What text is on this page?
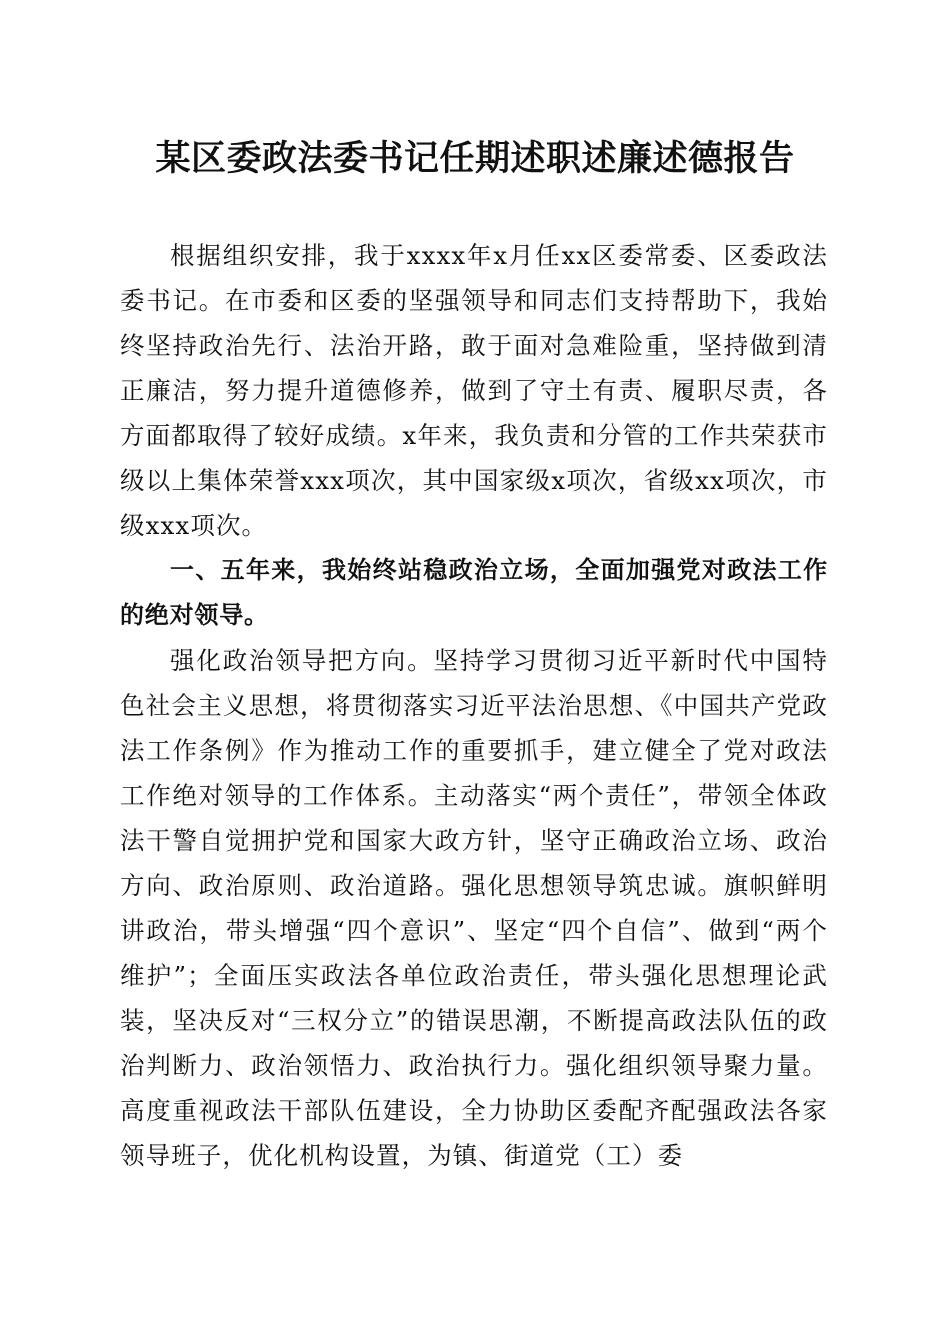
某区委政法委书记任期述职述廉述德报告

根据组织安排，我于xxxx年x月任xx区委常委、区委政法委书记。在市委和区委的坚强领导和同志们支持帮助下，我始终坚持政治先行、法治开路，敢于面对急难险重，坚持做到清正廉洁，努力提升道德修养，做到了守土有责、履职尽责，各方面都取得了较好成绩。x年来，我负责和分管的工作共荣获市级以上集体荣誉xxx项次，其中国家级x项次，省级xx项次，市级xxx项次。

一、五年来，我始终站稳政治立场，全面加强党对政法工作的绝对领导。

强化政治领导把方向。坚持学习贯彻习近平新时代中国特色社会主义思想，将贯彻落实习近平法治思想、《中国共产党政法工作条例》作为推动工作的重要抓手，建立健全了党对政法工作绝对领导的工作体系。主动落实“两个责任”，带领全体政法干警自觉拥护党和国家大政方针，坚守正确政治立场、政治方向、政治原则、政治道路。强化思想领导筑忠诚。旗帜鲜明讲政治，带头增强“四个意识”、坚定“四个自信”、做到“两个维护”；全面压实政法各单位政治责任，带头强化思想理论武装，坚决反对“三权分立”的错误思潮，不断提高政法队伍的政治判断力、政治领悟力、政治执行力。强化组织领导聚力量。高度重视政法干部队伍建设，全力协助区委配齐配强政法各家领导班子，优化机构设置，为镇、街道党（工）委
